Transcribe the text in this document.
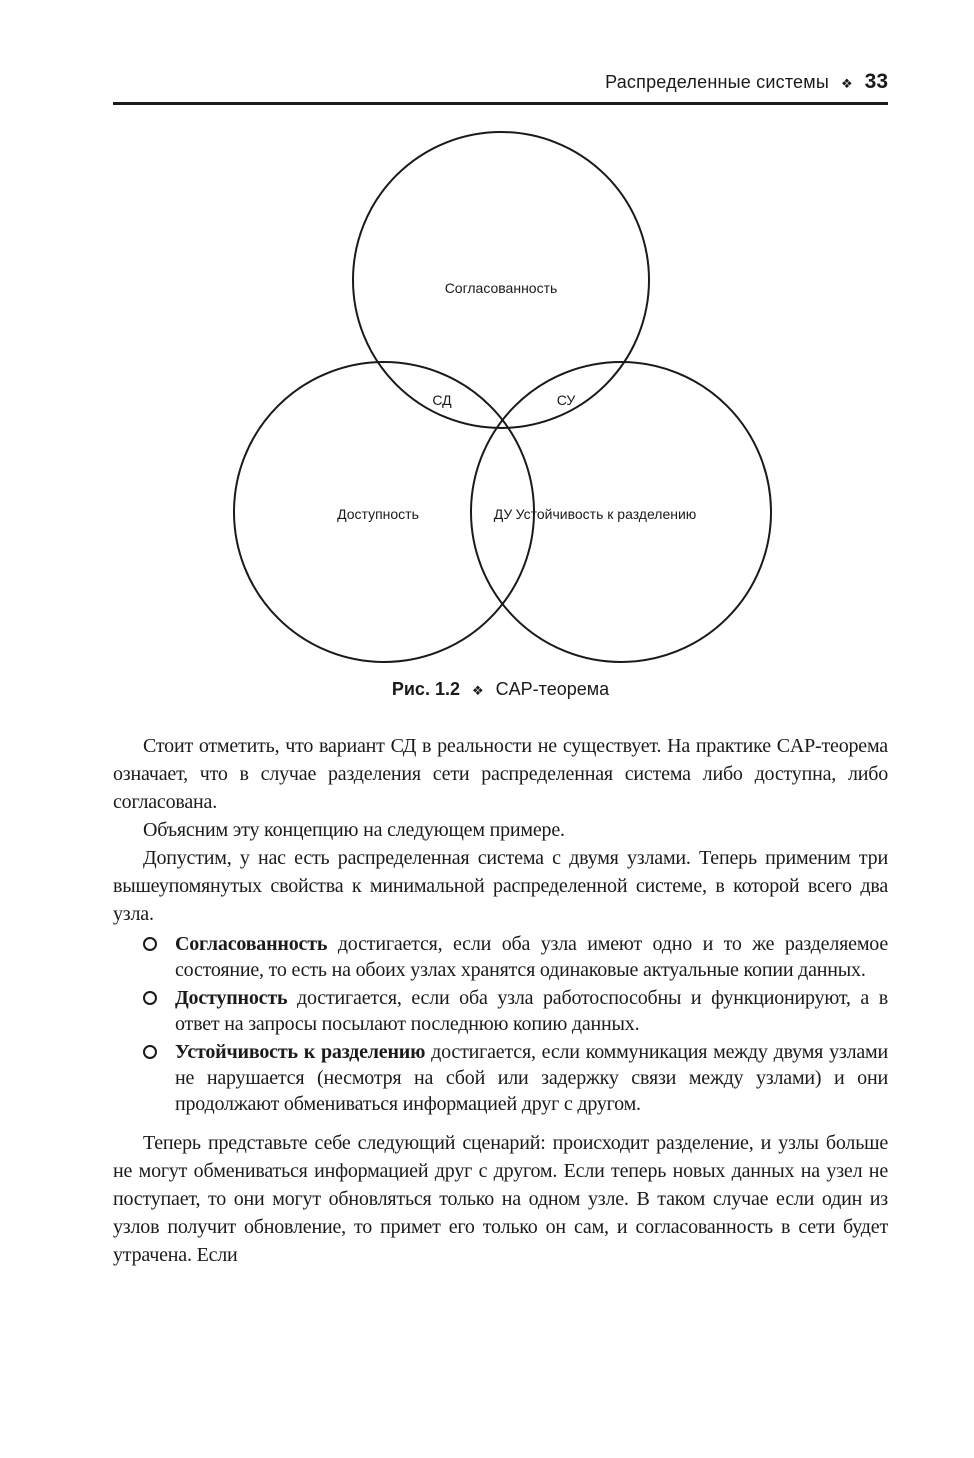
Распределенные системы ❖ 33
Согласованность
Доступность	Устойчивость к разделению
СД	СУ
ДУ
Рис. 1.2 ❖ CAP-теорема

Стоит отметить, что вариант СД в реальности не существует. На практике CAP-теорема означает, что в случае разделения сети распределенная система либо доступна, либо согласована.

Объясним эту концепцию на следующем примере.

Допустим, у нас есть распределенная система с двумя узлами. Теперь применим три вышеупомянутых свойства к минимальной распределенной системе, в которой всего два узла.

Согласованность достигается, если оба узла имеют одно и то же разделяемое состояние, то есть на обоих узлах хранятся одинаковые актуальные копии данных.
Доступность достигается, если оба узла работоспособны и функционируют, а в ответ на запросы посылают последнюю копию данных.
Устойчивость к разделению достигается, если коммуникация между двумя узлами не нарушается (несмотря на сбой или задержку связи между узлами) и они продолжают обмениваться информацией друг с другом.

Теперь представьте себе следующий сценарий: происходит разделение, и узлы больше не могут обмениваться информацией друг с другом. Если теперь новых данных на узел не поступает, то они могут обновляться только на одном узле. В таком случае если один из узлов получит обновление, то примет его только он сам, и согласованность в сети будет утрачена. Если
